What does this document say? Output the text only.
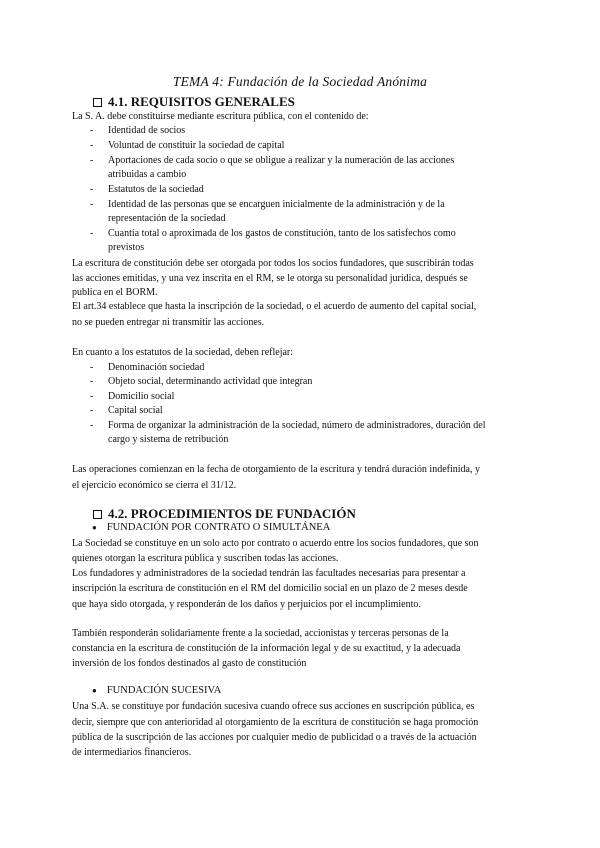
TEMA 4: Fundación de la Sociedad Anónima
4.1. REQUISITOS GENERALES
La S. A. debe constituirse mediante escritura pública, con el contenido de:
- Identidad de socios
- Voluntad de constituir la sociedad de capital
- Aportaciones de cada socio o que se obligue a realizar y la numeración de las acciones
atribuidas a cambio
- Estatutos de la sociedad
- Identidad de las personas que se encarguen inicialmente de la administración y de la
representación de la sociedad
- Cuantía total o aproximada de los gastos de constitución, tanto de los satisfechos como
previstos
La escritura de constitución debe ser otorgada por todos los socios fundadores, que suscribirán todas
las acciones emitidas, y una vez inscrita en el RM, se le otorga su personalidad jurídica, después se
publica en el BORM.
El art.34 establece que hasta la inscripción de la sociedad, o el acuerdo de aumento del capital social,
no se pueden entregar ni transmitir las acciones.
En cuanto a los estatutos de la sociedad, deben reflejar:
- Denominación sociedad
- Objeto social, determinando actividad que integran
- Domicilio social
- Capital social
- Forma de organizar la administración de la sociedad, número de administradores, duración del
cargo y sistema de retribución
Las operaciones comienzan en la fecha de otorgamiento de la escritura y tendrá duración indefinida, y
el ejercicio económico se cierra el 31/12.
4.2. PROCEDIMIENTOS DE FUNDACIÓN
● FUNDACIÓN POR CONTRATO O SIMULTÁNEA
La Sociedad se constituye en un solo acto por contrato o acuerdo entre los socios fundadores, que son
quienes otorgan la escritura pública y suscriben todas las acciones.
Los fundadores y administradores de la sociedad tendrán las facultades necesarias para presentar a
inscripción la escritura de constitución en el RM del domicilio social en un plazo de 2 meses desde
que haya sido otorgada, y responderán de los daños y perjuicios por el incumplimiento.
También responderán solidariamente frente a la sociedad, accionistas y terceras personas de la
constancia en la escritura de constitución de la información legal y de su exactitud, y la adecuada
inversión de los fondos destinados al gasto de constitución
● FUNDACIÓN SUCESIVA
Una S.A. se constituye por fundación sucesiva cuando ofrece sus acciones en suscripción pública, es
decir, siempre que con anterioridad al otorgamiento de la escritura de constitución se haga promoción
pública de la suscripción de las acciones por cualquier medio de publicidad o a través de la actuación
de intermediarios financieros.
